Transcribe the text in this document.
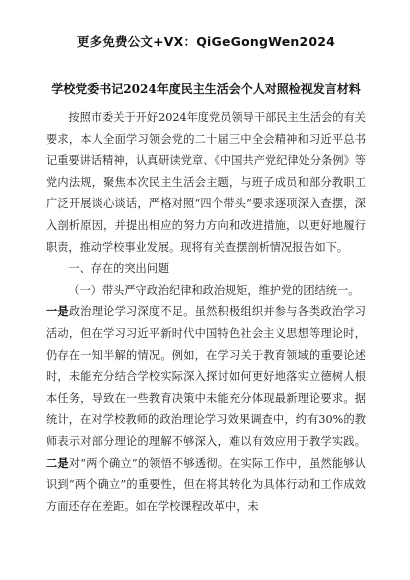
更多免费公文+VX：QiGeGongWen2024
学校党委书记2024年度民主生活会个人对照检视发言材料

按照市委关于开好2024年度党员领导干部民主生活会的有关要求，本人全面学习领会党的二十届三中全会精神和习近平总书记重要讲话精神，认真研读党章、《中国共产党纪律处分条例》等党内法规，聚焦本次民主生活会主题，与班子成员和部分教职工广泛开展谈心谈话，严格对照“四个带头”要求逐项深入查摆，深入剖析原因，并提出相应的努力方向和改进措施，以更好地履行职责，推动学校事业发展。现将有关查摆剖析情况报告如下。

一、存在的突出问题

（一）带头严守政治纪律和政治规矩，维护党的团结统一。

一是政治理论学习深度不足。虽然积极组织并参与各类政治学习活动，但在学习习近平新时代中国特色社会主义思想等理论时，仍存在一知半解的情况。例如，在学习关于教育领域的重要论述时，未能充分结合学校实际深入探讨如何更好地落实立德树人根本任务，导致在一些教育决策中未能充分体现最新理论要求。据统计，在对学校教师的政治理论学习效果调查中，约有30%的教师表示对部分理论的理解不够深入，难以有效应用于教学实践。二是对“两个确立”的领悟不够透彻。在实际工作中，虽然能够认识到“两个确立”的重要性，但在将其转化为具体行动和工作成效方面还存在差距。如在学校课程改革中，未
